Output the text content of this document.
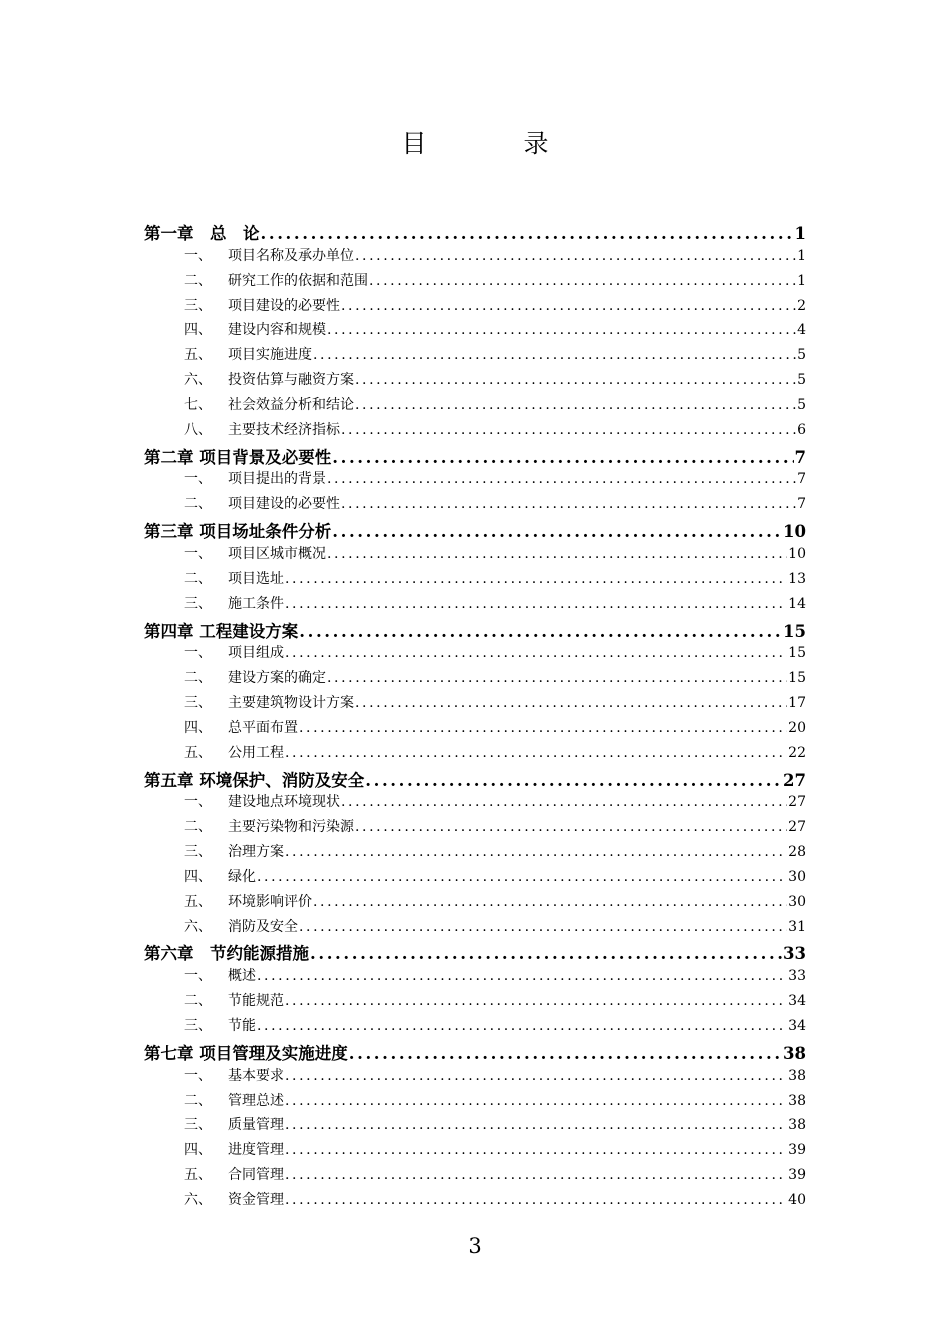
目　录
第一章　总　论 .....	1
一、	项目名称及承办单位 .....	1
二、	研究工作的依据和范围 .....	1
三、	项目建设的必要性 .....	2
四、	建设内容和规模 .....	4
五、	项目实施进度 .....	5
六、	投资估算与融资方案 .....	5
七、	社会效益分析和结论 .....	5
八、	主要技术经济指标 .....	6
第二章 项目背景及必要性 .....	7
一、	项目提出的背景 .....	7
二、	项目建设的必要性 .....	7
第三章 项目场址条件分析 .....	10
一、	项目区城市概况 .....	10
二、	项目选址 .....	13
三、	施工条件 .....	14
第四章 工程建设方案 .....	15
一、	项目组成 .....	15
二、	建设方案的确定 .....	15
三、	主要建筑物设计方案 .....	17
四、	总平面布置 .....	20
五、	公用工程 .....	22
第五章 环境保护、消防及安全 .....	27
一、	建设地点环境现状 .....	27
二、	主要污染物和污染源 .....	27
三、	治理方案 .....	28
四、	绿化 .....	30
五、	环境影响评价 .....	30
六、	消防及安全 .....	31
第六章　节约能源措施 .....	33
一、	概述 .....	33
二、	节能规范 .....	34
三、	节能 .....	34
第七章 项目管理及实施进度 .....	38
一、	基本要求 .....	38
二、	管理总述 .....	38
三、	质量管理 .....	38
四、	进度管理 .....	39
五、	合同管理 .....	39
六、	资金管理 .....	40
3
